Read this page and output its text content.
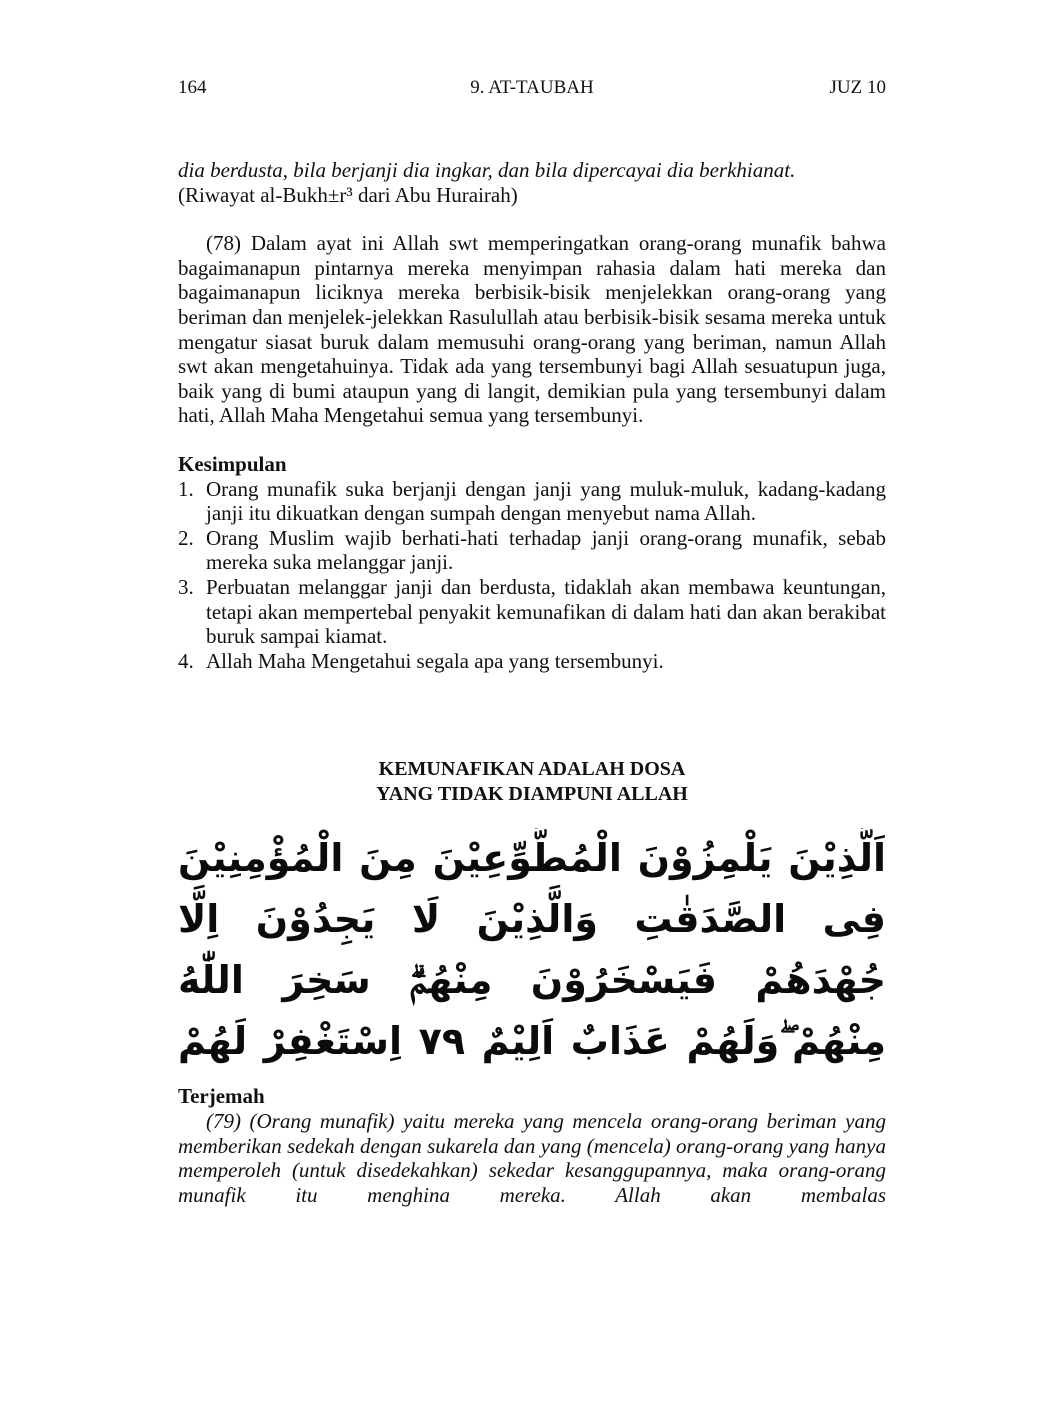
164	9. AT-TAUBAH	JUZ 10

dia berdusta, bila berjanji dia ingkar, dan bila dipercayai dia berkhianat.

(Riwayat al-Bukh±r³ dari Abu Hurairah)

(78) Dalam ayat ini Allah swt memperingatkan orang-orang munafik bahwa bagaimanapun pintarnya mereka menyimpan rahasia dalam hati mereka dan bagaimanapun liciknya mereka berbisik-bisik menjelekkan orang-orang yang beriman dan menjelek-jelekkan Rasulullah atau berbisik-bisik sesama mereka untuk mengatur siasat buruk dalam memusuhi orang-orang yang beriman, namun Allah swt akan mengetahuinya. Tidak ada yang tersembunyi bagi Allah sesuatupun juga, baik yang di bumi ataupun yang di langit, demikian pula yang tersembunyi dalam hati, Allah Maha Mengetahui semua yang tersembunyi.

Kesimpulan
1. Orang munafik suka berjanji dengan janji yang muluk-muluk, kadang-kadang janji itu dikuatkan dengan sumpah dengan menyebut nama Allah.
2. Orang Muslim wajib berhati-hati terhadap janji orang-orang munafik, sebab mereka suka melanggar janji.
3. Perbuatan melanggar janji dan berdusta, tidaklah akan membawa keuntungan, tetapi akan mempertebal penyakit kemunafikan di dalam hati dan akan berakibat buruk sampai kiamat.
4. Allah Maha Mengetahui segala apa yang tersembunyi.
KEMUNAFIKAN ADALAH DOSA
YANG TIDAK DIAMPUNI ALLAH
اَلَّذِيْنَ يَلْمِزُوْنَ الْمُطَّوِّعِيْنَ مِنَ الْمُؤْمِنِيْنَ فِى الصَّدَقٰتِ وَالَّذِيْنَ لَا يَجِدُوْنَ اِلَّا جُهْدَهُمْ فَيَسْخَرُوْنَ مِنْهُمْۗ سَخِرَ اللّٰهُ مِنْهُمْ ۖوَلَهُمْ عَذَابٌ اَلِيْمٌ ٧٩ اِسْتَغْفِرْ لَهُمْ
Terjemah

(79) (Orang munafik) yaitu mereka yang mencela orang-orang beriman yang memberikan sedekah dengan sukarela dan yang (mencela) orang-orang yang hanya memperoleh (untuk disedekahkan) sekedar kesanggupannya, maka orang-orang munafik itu menghina mereka. Allah akan membalas
